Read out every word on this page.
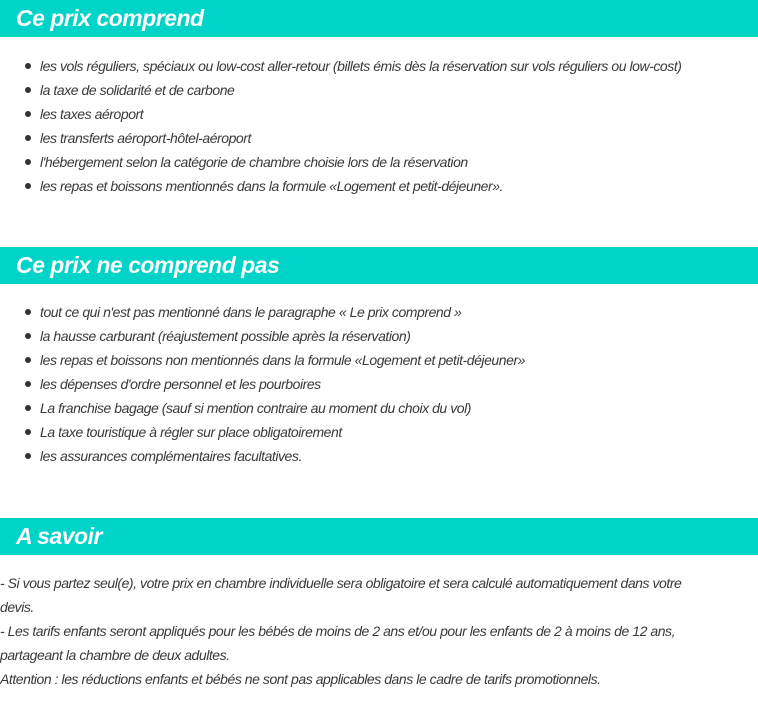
Ce prix comprend
les vols réguliers, spéciaux ou low-cost aller-retour (billets émis dès la réservation sur vols réguliers ou low-cost)
la taxe de solidarité et de carbone
les taxes aéroport
les transferts aéroport-hôtel-aéroport
l'hébergement selon la catégorie de chambre choisie lors de la réservation
les repas et boissons mentionnés dans la formule «Logement et petit-déjeuner».
Ce prix ne comprend pas
tout ce qui n'est pas mentionné dans le paragraphe « Le prix comprend »
la hausse carburant (réajustement possible après la réservation)
les repas et boissons non mentionnés dans la formule «Logement et petit-déjeuner»
les dépenses d'ordre personnel et les pourboires
La franchise bagage (sauf si mention contraire au moment du choix du vol)
La taxe touristique à régler sur place obligatoirement
les assurances complémentaires facultatives.
A savoir
- Si vous partez seul(e), votre prix en chambre individuelle sera obligatoire et sera calculé automatiquement dans votre
devis.
- Les tarifs enfants seront appliqués pour les bébés de moins de 2 ans et/ou pour les enfants de 2 à moins de 12 ans,
partageant la chambre de deux adultes.
Attention : les réductions enfants et bébés ne sont pas applicables dans le cadre de tarifs promotionnels.
